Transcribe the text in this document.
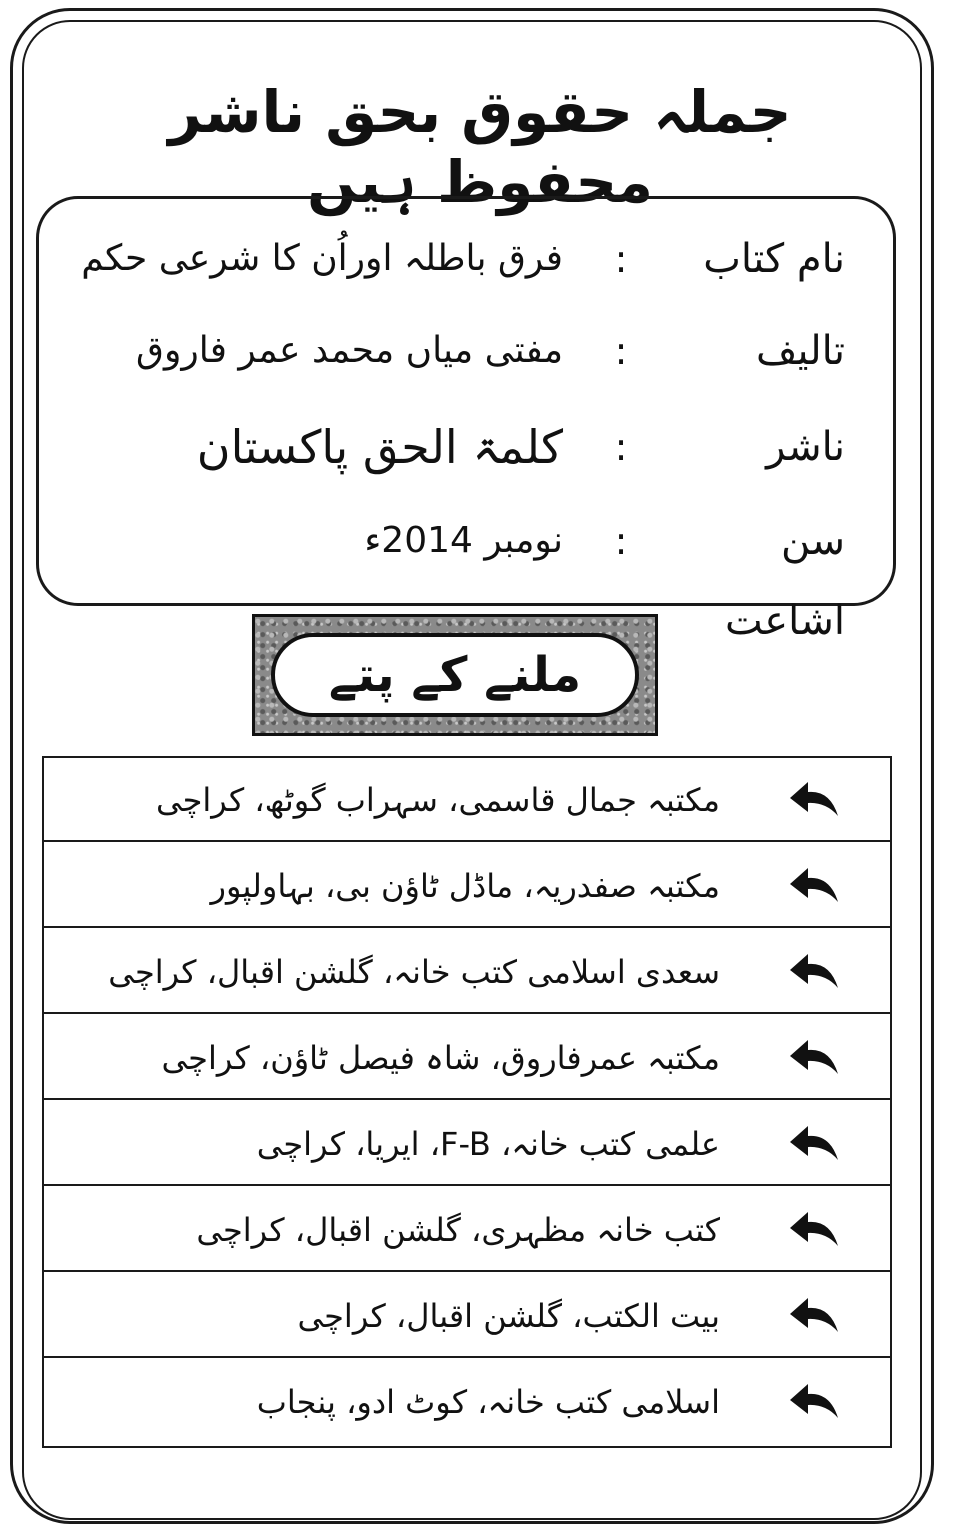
جملہ حقوق بحق ناشر محفوظ ہیں
نام کتاب
:
فرق باطلہ اوراُن کا شرعی حکم
تالیف
:
مفتی میاں محمد عمر فاروق
ناشر
:
کلمۃ الحق پاکستان
سن اشاعت
:
نومبر 2014ء
ملنے کے پتے
مکتبہ جمال قاسمی، سہراب گوٹھ، کراچی
مکتبہ صفدریہ، ماڈل ٹاؤن بی، بہاولپور
سعدی اسلامی کتب خانہ، گلشن اقبال، کراچی
مکتبہ عمرفاروق، شاہ فیصل ٹاؤن، کراچی
علمی کتب خانہ، F-B، ایریا، کراچی
کتب خانہ مظہری، گلشن اقبال، کراچی
بیت الکتب، گلشن اقبال، کراچی
اسلامی کتب خانہ، کوٹ ادو، پنجاب
